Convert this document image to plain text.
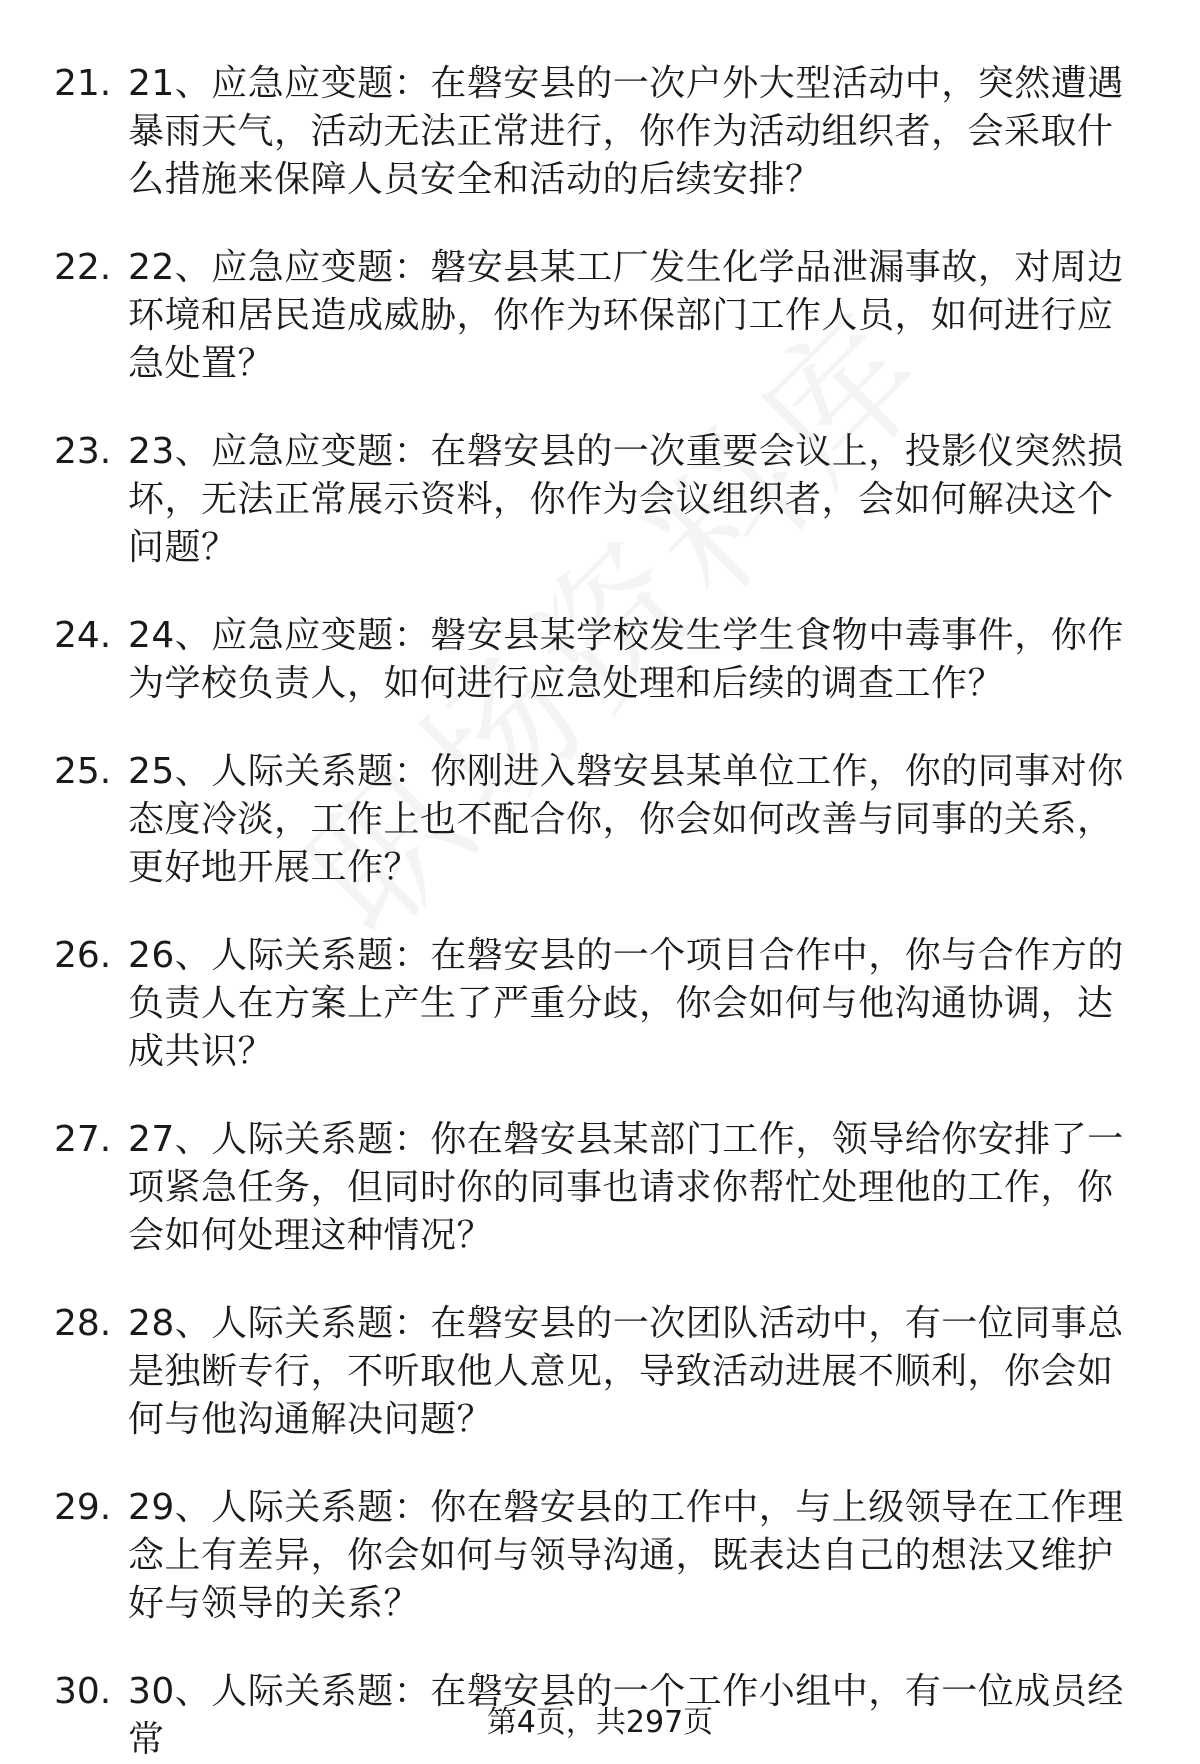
21. 21、应急应变题：在磐安县的一次户外大型活动中，突然遭遇暴雨天气，活动无法正常进行，你作为活动组织者，会采取什么措施来保障人员安全和活动的后续安排？
22. 22、应急应变题：磐安县某工厂发生化学品泄漏事故，对周边环境和居民造成威胁，你作为环保部门工作人员，如何进行应急处置？
23. 23、应急应变题：在磐安县的一次重要会议上，投影仪突然损坏，无法正常展示资料，你作为会议组织者，会如何解决这个问题？
24. 24、应急应变题：磐安县某学校发生学生食物中毒事件，你作为学校负责人，如何进行应急处理和后续的调查工作？
25. 25、人际关系题：你刚进入磐安县某单位工作，你的同事对你态度冷淡，工作上也不配合你，你会如何改善与同事的关系，更好地开展工作？
26. 26、人际关系题：在磐安县的一个项目合作中，你与合作方的负责人在方案上产生了严重分歧，你会如何与他沟通协调，达成共识？
27. 27、人际关系题：你在磐安县某部门工作，领导给你安排了一项紧急任务，但同时你的同事也请求你帮忙处理他的工作，你会如何处理这种情况？
28. 28、人际关系题：在磐安县的一次团队活动中，有一位同事总是独断专行，不听取他人意见，导致活动进展不顺利，你会如何与他沟通解决问题？
29. 29、人际关系题：你在磐安县的工作中，与上级领导在工作理念上有差异，你会如何与领导沟通，既表达自己的想法又维护好与领导的关系？
30. 30、人际关系题：在磐安县的一个工作小组中，有一位成员经常	第4页，共297页
